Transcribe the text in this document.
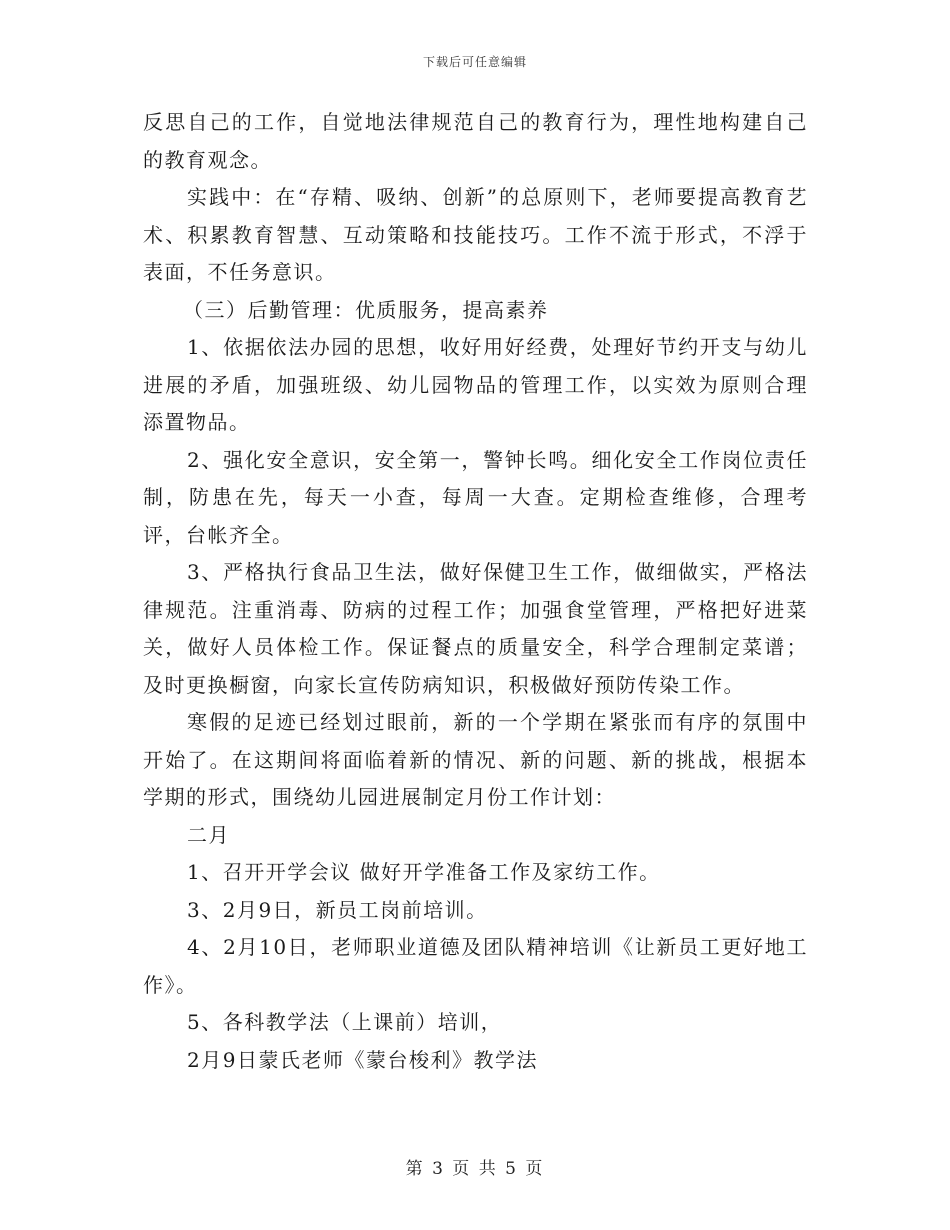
下载后可任意编辑

反思自己的工作，自觉地法律规范自己的教育行为，理性地构建自己的教育观念。

实践中：在“存精、吸纳、创新”的总原则下，老师要提高教育艺术、积累教育智慧、互动策略和技能技巧。工作不流于形式，不浮于表面，不任务意识。

（三）后勤管理：优质服务，提高素养

1、依据依法办园的思想，收好用好经费，处理好节约开支与幼儿进展的矛盾，加强班级、幼儿园物品的管理工作，以实效为原则合理添置物品。

2、强化安全意识，安全第一，警钟长鸣。细化安全工作岗位责任制，防患在先，每天一小查，每周一大查。定期检查维修，合理考评，台帐齐全。

3、严格执行食品卫生法，做好保健卫生工作，做细做实，严格法律规范。注重消毒、防病的过程工作；加强食堂管理，严格把好进菜关，做好人员体检工作。保证餐点的质量安全，科学合理制定菜谱；及时更换橱窗，向家长宣传防病知识，积极做好预防传染工作。

寒假的足迹已经划过眼前，新的一个学期在紧张而有序的氛围中开始了。在这期间将面临着新的情况、新的问题、新的挑战，根据本学期的形式，围绕幼儿园进展制定月份工作计划：

二月

1、召开开学会议 做好开学准备工作及家纺工作。

3、2月9日，新员工岗前培训。

4、2月10日，老师职业道德及团队精神培训《让新员工更好地工作》。

5、各科教学法（上课前）培训，

2月9日蒙氏老师《蒙台梭利》教学法

第 3 页 共 5 页
